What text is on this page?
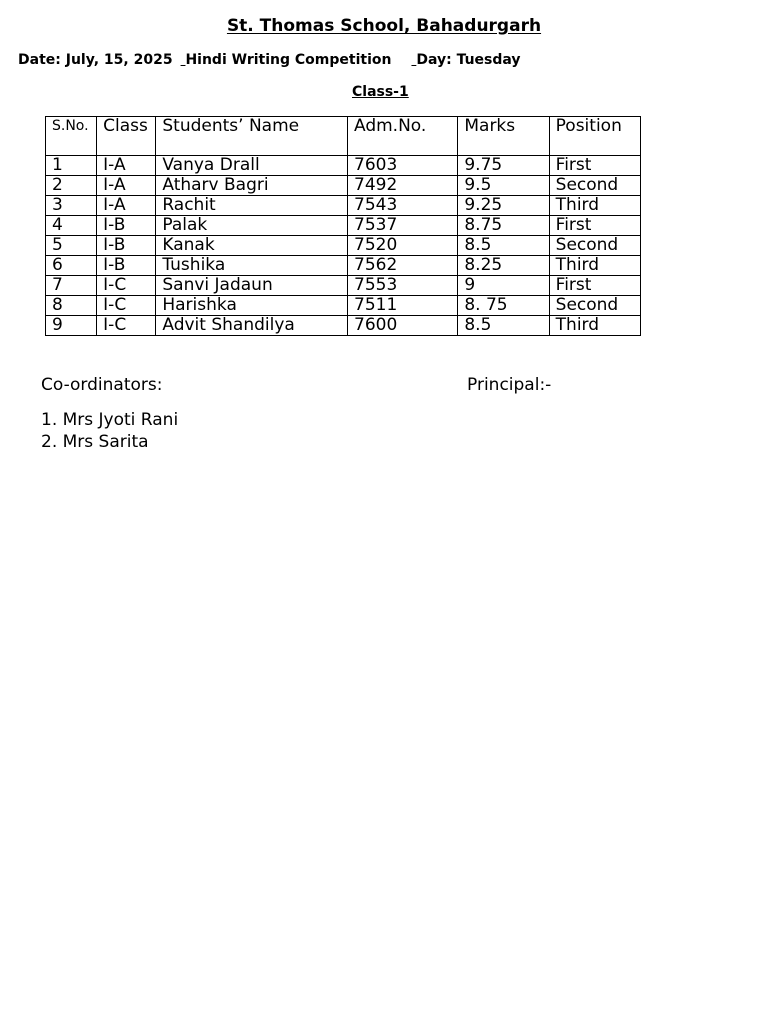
St. Thomas School, Bahadurgarh
Date: July, 15, 2025 Hindi Writing Competition Day: Tuesday
Class-1
S.No.	Class	Students’ Name	Adm.No.	Marks	Position
1	I-A	Vanya Drall	7603	9.75	First
2	I-A	Atharv Bagri	7492	9.5	Second
3	I-A	Rachit	7543	9.25	Third
4	I-B	Palak	7537	8.75	First
5	I-B	Kanak	7520	8.5	Second
6	I-B	Tushika	7562	8.25	Third
7	I-C	Sanvi Jadaun	7553	9	First
8	I-C	Harishka	7511	8. 75	Second
9	I-C	Advit Shandilya	7600	8.5	Third
Co-ordinators:	Principal:-
1. Mrs Jyoti Rani
2. Mrs Sarita
